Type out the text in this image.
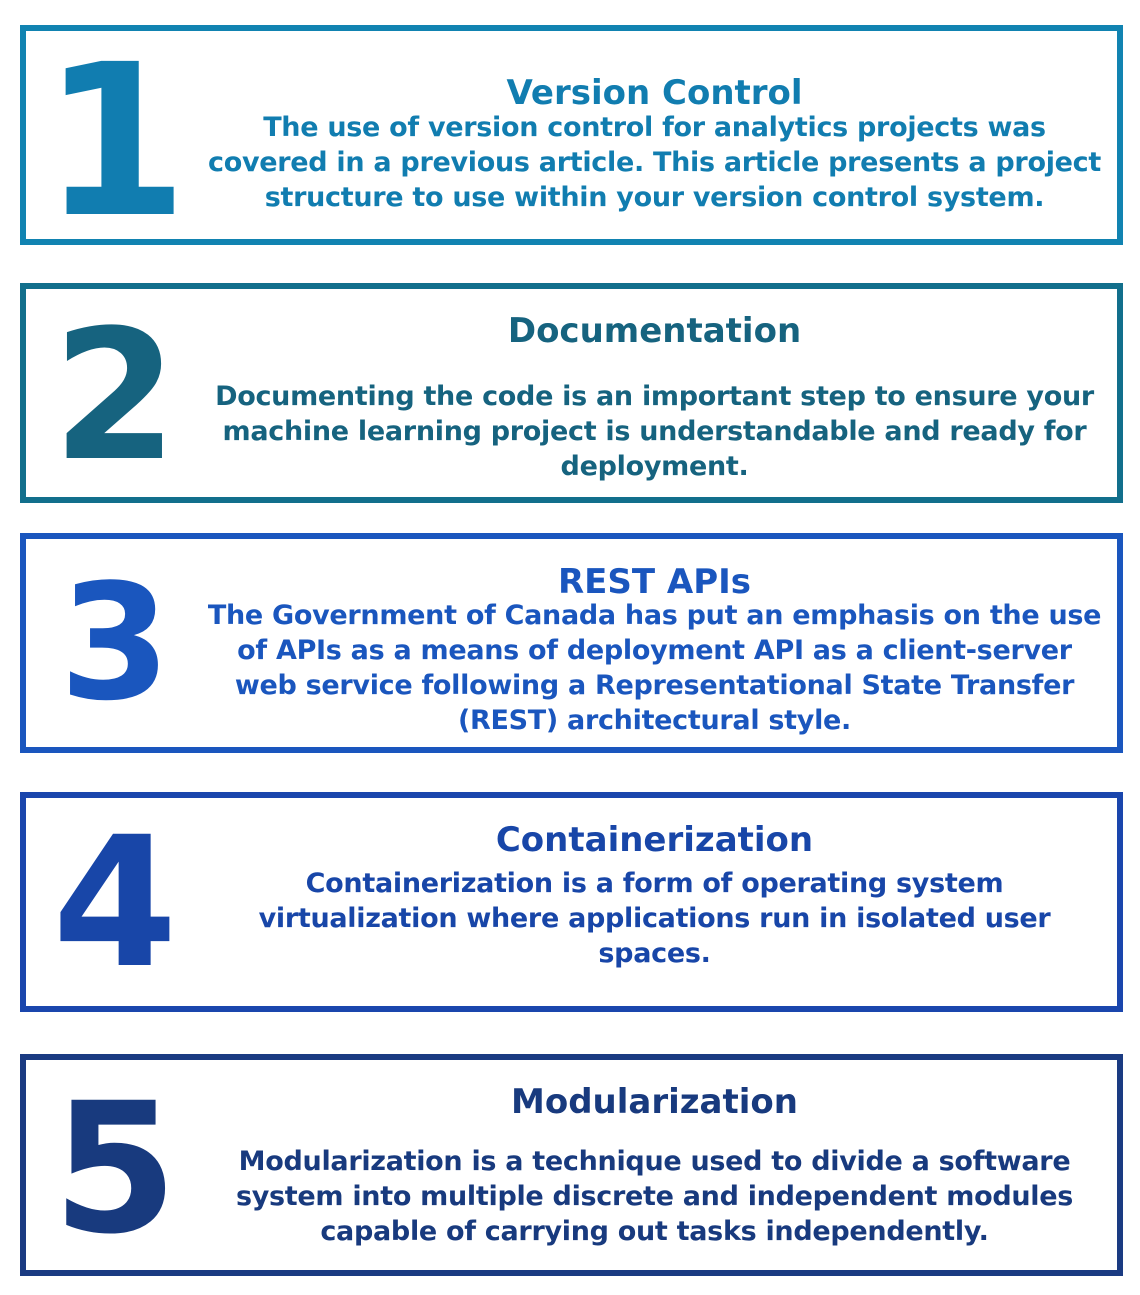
1	Version Control
The use of version control for analytics projects was covered in a previous article. This article presents a project structure to use within your version control system.
2	Documentation
Documenting the code is an important step to ensure your machine learning project is understandable and ready for deployment.
3	REST APIs
The Government of Canada has put an emphasis on the use of APIs as a means of deployment API as a client-server web service following a Representational State Transfer (REST) architectural style.
4	Containerization
Containerization is a form of operating system virtualization where applications run in isolated user spaces.
5	Modularization
Modularization is a technique used to divide a software system into multiple discrete and independent modules capable of carrying out tasks independently.
